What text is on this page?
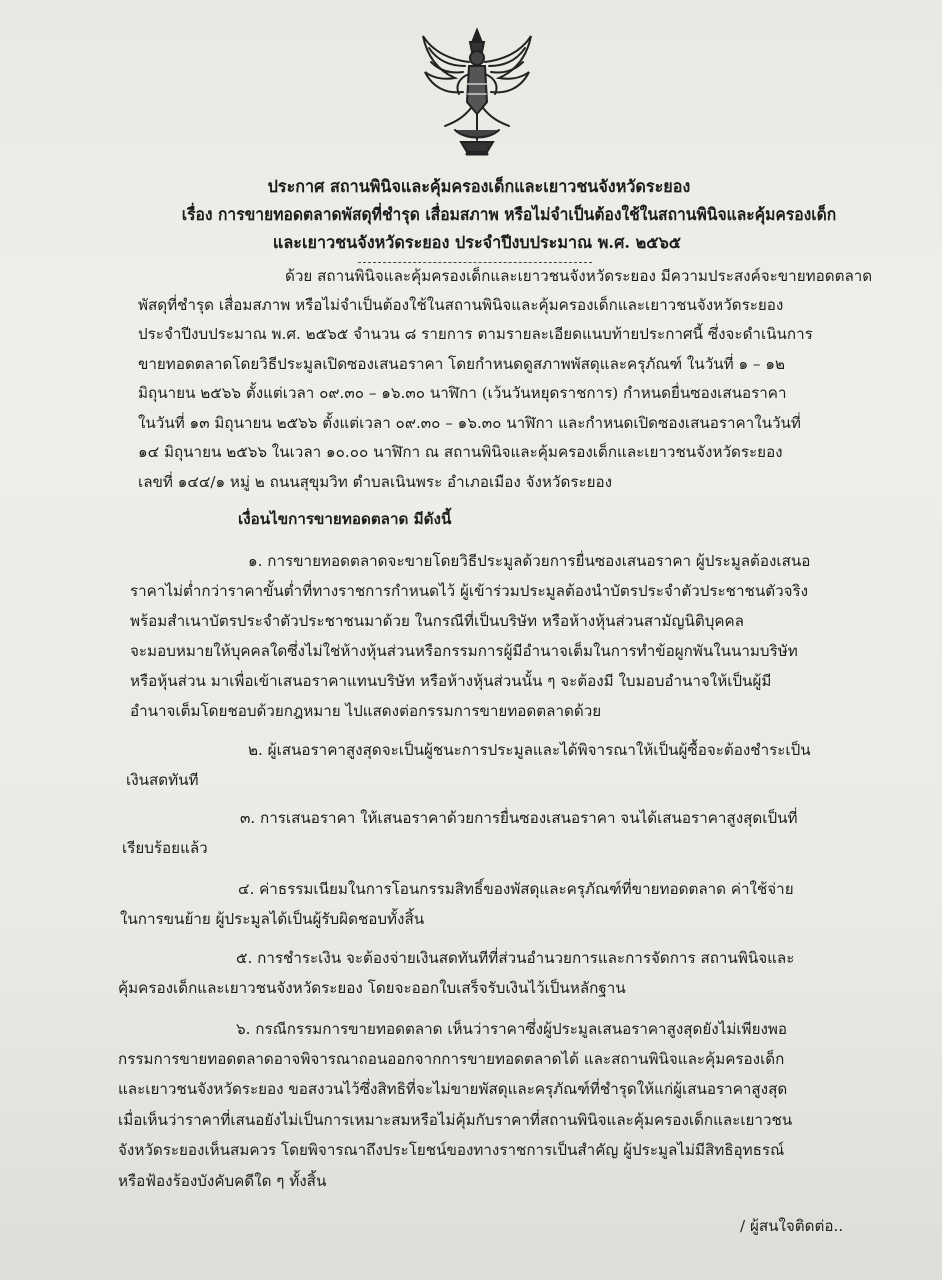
ประกาศ สถานพินิจและคุ้มครองเด็กและเยาวชนจังหวัดระยอง
เรื่อง การขายทอดตลาดพัสดุที่ชำรุด เสื่อมสภาพ หรือไม่จำเป็นต้องใช้ในสถานพินิจและคุ้มครองเด็ก
และเยาวชนจังหวัดระยอง ประจำปีงบประมาณ พ.ศ. ๒๕๖๕
ด้วย สถานพินิจและคุ้มครองเด็กและเยาวชนจังหวัดระยอง มีความประสงค์จะขายทอดตลาด
พัสดุที่ชำรุด เสื่อมสภาพ หรือไม่จำเป็นต้องใช้ในสถานพินิจและคุ้มครองเด็กและเยาวชนจังหวัดระยอง
ประจำปีงบประมาณ พ.ศ. ๒๕๖๕ จำนวน ๘ รายการ ตามรายละเอียดแนบท้ายประกาศนี้ ซึ่งจะดำเนินการ
ขายทอดตลาดโดยวิธีประมูลเปิดซองเสนอราคา โดยกำหนดดูสภาพพัสดุและครุภัณฑ์ ในวันที่ ๑ – ๑๒
มิถุนายน ๒๕๖๖ ตั้งแต่เวลา ๐๙.๓๐ – ๑๖.๓๐ นาฬิกา (เว้นวันหยุดราชการ) กำหนดยื่นซองเสนอราคา
ในวันที่ ๑๓ มิถุนายน ๒๕๖๖ ตั้งแต่เวลา ๐๙.๓๐ – ๑๖.๓๐ นาฬิกา และกำหนดเปิดซองเสนอราคาในวันที่
๑๔ มิถุนายน ๒๕๖๖ ในเวลา ๑๐.๐๐ นาฬิกา ณ สถานพินิจและคุ้มครองเด็กและเยาวชนจังหวัดระยอง
เลขที่ ๑๔๔/๑ หมู่ ๒ ถนนสุขุมวิท ตำบลเนินพระ อำเภอเมือง จังหวัดระยอง
เงื่อนไขการขายทอดตลาด มีดังนี้
๑. การขายทอดตลาดจะขายโดยวิธีประมูลด้วยการยื่นซองเสนอราคา ผู้ประมูลต้องเสนอ
ราคาไม่ต่ำกว่าราคาขั้นต่ำที่ทางราชการกำหนดไว้ ผู้เข้าร่วมประมูลต้องนำบัตรประจำตัวประชาชนตัวจริง
พร้อมสำเนาบัตรประจำตัวประชาชนมาด้วย ในกรณีที่เป็นบริษัท หรือห้างหุ้นส่วนสามัญนิติบุคคล
จะมอบหมายให้บุคคลใดซึ่งไม่ใช่ห้างหุ้นส่วนหรือกรรมการผู้มีอำนาจเต็มในการทำข้อผูกพันในนามบริษัท
หรือหุ้นส่วน มาเพื่อเข้าเสนอราคาแทนบริษัท หรือห้างหุ้นส่วนนั้น ๆ จะต้องมี ใบมอบอำนาจให้เป็นผู้มี
อำนาจเต็มโดยชอบด้วยกฎหมาย ไปแสดงต่อกรรมการขายทอดตลาดด้วย
๒. ผู้เสนอราคาสูงสุดจะเป็นผู้ชนะการประมูลและได้พิจารณาให้เป็นผู้ซื้อจะต้องชำระเป็น
เงินสดทันที
๓. การเสนอราคา ให้เสนอราคาด้วยการยื่นซองเสนอราคา จนได้เสนอราคาสูงสุดเป็นที่
เรียบร้อยแล้ว
๔. ค่าธรรมเนียมในการโอนกรรมสิทธิ์ของพัสดุและครุภัณฑ์ที่ขายทอดตลาด ค่าใช้จ่าย
ในการขนย้าย ผู้ประมูลได้เป็นผู้รับผิดชอบทั้งสิ้น
๕. การชำระเงิน จะต้องจ่ายเงินสดทันทีที่ส่วนอำนวยการและการจัดการ สถานพินิจและ
คุ้มครองเด็กและเยาวชนจังหวัดระยอง โดยจะออกใบเสร็จรับเงินไว้เป็นหลักฐาน
๖. กรณีกรรมการขายทอดตลาด เห็นว่าราคาซึ่งผู้ประมูลเสนอราคาสูงสุดยังไม่เพียงพอ
กรรมการขายทอดตลาดอาจพิจารณาถอนออกจากการขายทอดตลาดได้ และสถานพินิจและคุ้มครองเด็ก
และเยาวชนจังหวัดระยอง ขอสงวนไว้ซึ่งสิทธิที่จะไม่ขายพัสดุและครุภัณฑ์ที่ชำรุดให้แก่ผู้เสนอราคาสูงสุด
เมื่อเห็นว่าราคาที่เสนอยังไม่เป็นการเหมาะสมหรือไม่คุ้มกับราคาที่สถานพินิจและคุ้มครองเด็กและเยาวชน
จังหวัดระยองเห็นสมควร โดยพิจารณาถึงประโยชน์ของทางราชการเป็นสำคัญ ผู้ประมูลไม่มีสิทธิอุทธรณ์
หรือฟ้องร้องบังคับคดีใด ๆ ทั้งสิ้น
/ ผู้สนใจติดต่อ..
